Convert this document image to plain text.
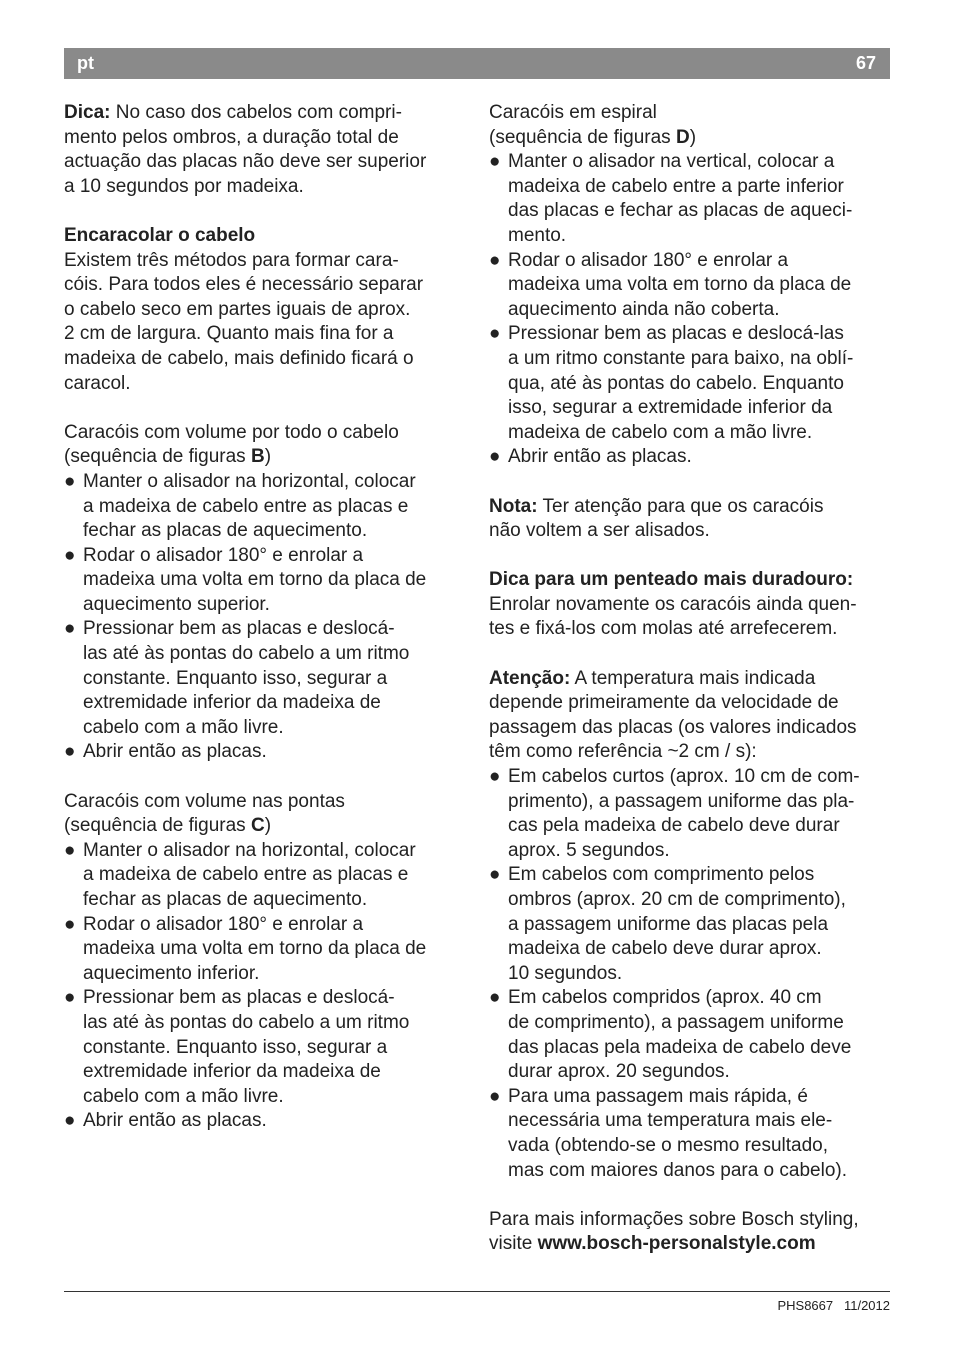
pt	67

Dica: No caso dos cabelos com compri-
mento pelos ombros, a duração total de
actuação das placas não deve ser superior
a 10 segundos por madeixa.

Encaracolar o cabelo

Existem três métodos para formar cara-
cóis. Para todos eles é necessário separar
o cabelo seco em partes iguais de aprox.
2 cm de largura. Quanto mais fina for a
madeixa de cabelo, mais definido ficará o
caracol.

Caracóis com volume por todo o cabelo

(sequência de figuras B)

● Manter o alisador na horizontal, colocar
a madeixa de cabelo entre as placas e
fechar as placas de aquecimento.
● Rodar o alisador 180° e enrolar a
madeixa uma volta em torno da placa de
aquecimento superior.
● Pressionar bem as placas e deslocá-
las até às pontas do cabelo a um ritmo
constante. Enquanto isso, segurar a
extremidade inferior da madeixa de
cabelo com a mão livre.
● Abrir então as placas.

Caracóis com volume nas pontas

(sequência de figuras C)

● Manter o alisador na horizontal, colocar
a madeixa de cabelo entre as placas e
fechar as placas de aquecimento.
● Rodar o alisador 180° e enrolar a
madeixa uma volta em torno da placa de
aquecimento inferior.
● Pressionar bem as placas e deslocá-
las até às pontas do cabelo a um ritmo
constante. Enquanto isso, segurar a
extremidade inferior da madeixa de
cabelo com a mão livre.
● Abrir então as placas.

Caracóis em espiral

(sequência de figuras D)

● Manter o alisador na vertical, colocar a
madeixa de cabelo entre a parte inferior
das placas e fechar as placas de aqueci-
mento.
● Rodar o alisador 180° e enrolar a
madeixa uma volta em torno da placa de
aquecimento ainda não coberta.
● Pressionar bem as placas e deslocá-las
a um ritmo constante para baixo, na oblí-
qua, até às pontas do cabelo. Enquanto
isso, segurar a extremidade inferior da
madeixa de cabelo com a mão livre.
● Abrir então as placas.

Nota: Ter atenção para que os caracóis
não voltem a ser alisados.

Dica para um penteado mais duradouro:

Enrolar novamente os caracóis ainda quen-
tes e fixá-los com molas até arrefecerem.

Atenção: A temperatura mais indicada
depende primeiramente da velocidade de
passagem das placas (os valores indicados
têm como referência ~2 cm / s):

● Em cabelos curtos (aprox. 10 cm de com-
primento), a passagem uniforme das pla-
cas pela madeixa de cabelo deve durar
aprox. 5 segundos.
● Em cabelos com comprimento pelos
ombros (aprox. 20 cm de comprimento),
a passagem uniforme das placas pela
madeixa de cabelo deve durar aprox.
10 segundos.
● Em cabelos compridos (aprox. 40 cm
de comprimento), a passagem uniforme
das placas pela madeixa de cabelo deve
durar aprox. 20 segundos.
● Para uma passagem mais rápida, é
necessária uma temperatura mais ele-
vada (obtendo-se o mesmo resultado,
mas com maiores danos para o cabelo).

Para mais informações sobre Bosch styling,
visite www.bosch-personalstyle.com

PHS8667 11/2012
